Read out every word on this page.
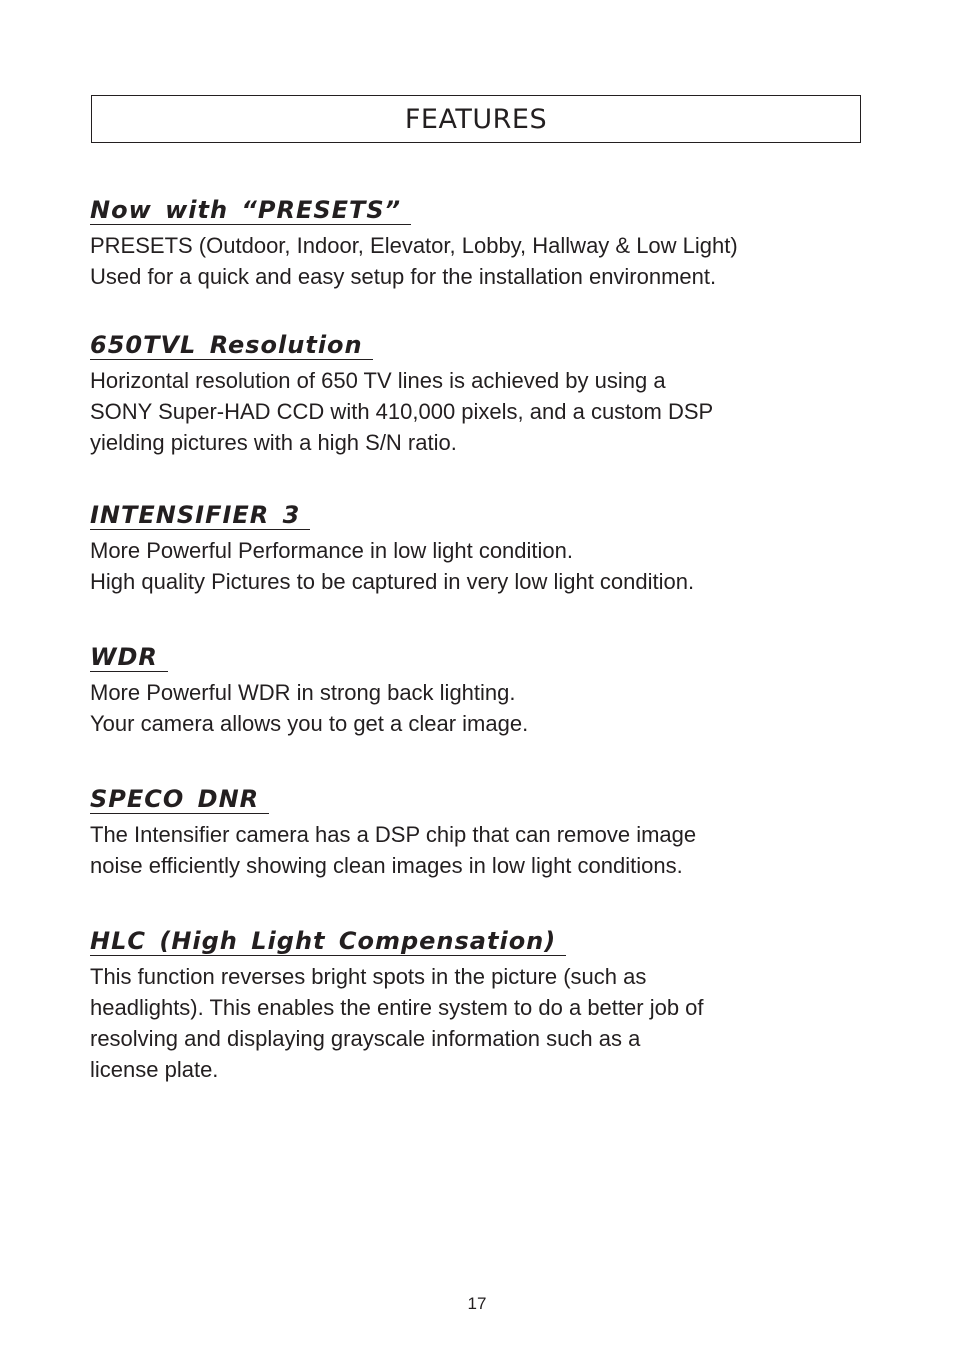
FEATURES
Now with “PRESETS”
PRESETS (Outdoor, Indoor, Elevator, Lobby, Hallway & Low Light)
Used for a quick and easy setup for the installation environment.
650TVL Resolution
Horizontal resolution of 650 TV lines is achieved by using a
SONY Super-HAD CCD with 410,000 pixels, and a custom DSP
yielding pictures with a high S/N ratio.
INTENSIFIER 3
More Powerful Performance in low light condition.
High quality Pictures to be captured in very low light condition.
WDR
More Powerful WDR in strong back lighting.
Your camera allows you to get a clear image.
SPECO DNR
The Intensifier camera has a DSP chip that can remove image
noise efficiently showing clean images in low light conditions.
HLC (High Light Compensation)
This function reverses bright spots in the picture (such as
headlights). This enables the entire system to do a better job of
resolving and displaying grayscale information such as a
license plate.
17
